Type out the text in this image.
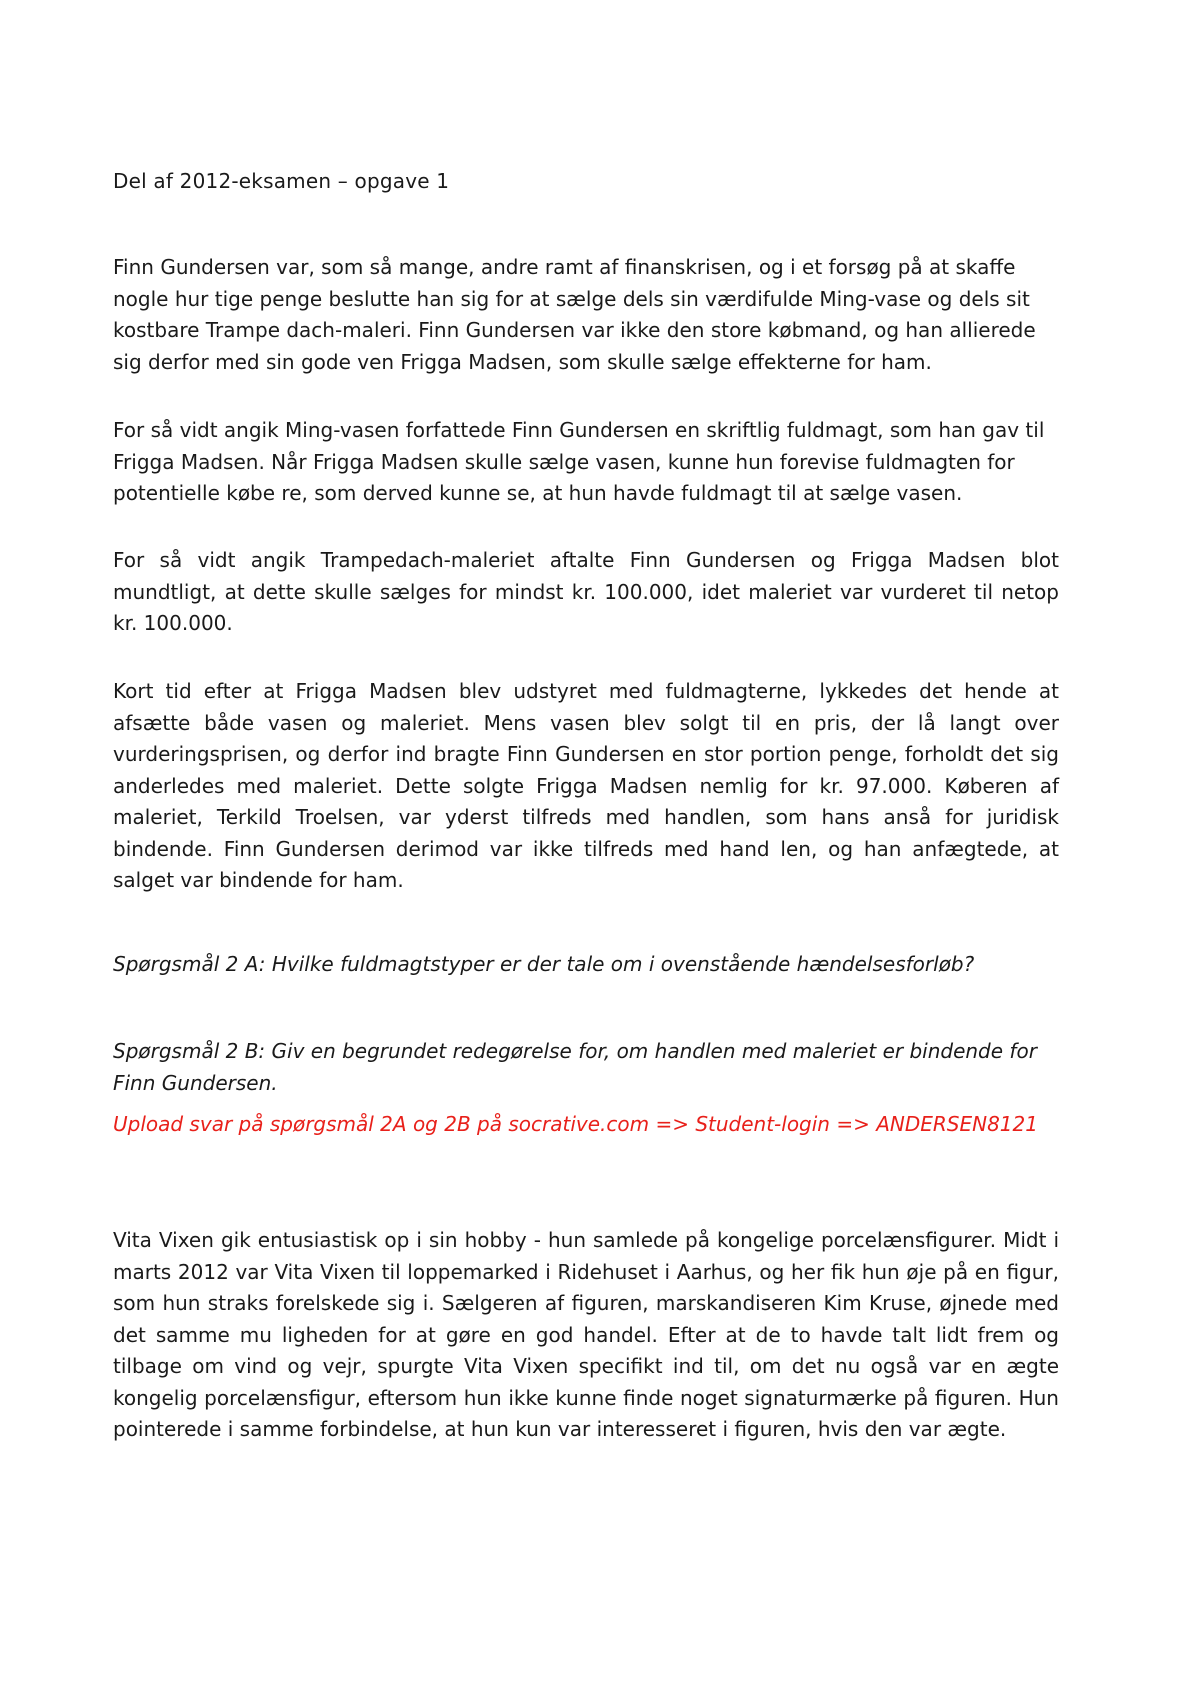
Del af 2012-eksamen – opgave 1

Finn Gundersen var, som så mange, andre ramt af finanskrisen, og i et forsøg på at skaffe nogle hur tige penge beslutte han sig for at sælge dels sin værdifulde Ming-vase og dels sit kostbare Trampe dach-maleri. Finn Gundersen var ikke den store købmand, og han allierede sig derfor med sin gode ven Frigga Madsen, som skulle sælge effekterne for ham.

For så vidt angik Ming-vasen forfattede Finn Gundersen en skriftlig fuldmagt, som han gav til Frigga Madsen. Når Frigga Madsen skulle sælge vasen, kunne hun forevise fuldmagten for potentielle købe re, som derved kunne se, at hun havde fuldmagt til at sælge vasen.

For så vidt angik Trampedach-maleriet aftalte Finn Gundersen og Frigga Madsen blot mundtligt, at dette skulle sælges for mindst kr. 100.000, idet maleriet var vurderet til netop kr. 100.000.

Kort tid efter at Frigga Madsen blev udstyret med fuldmagterne, lykkedes det hende at afsætte både vasen og maleriet. Mens vasen blev solgt til en pris, der lå langt over vurderingsprisen, og derfor ind bragte Finn Gundersen en stor portion penge, forholdt det sig anderledes med maleriet. Dette solgte Frigga Madsen nemlig for kr. 97.000. Køberen af maleriet, Terkild Troelsen, var yderst tilfreds med handlen, som hans anså for juridisk bindende. Finn Gundersen derimod var ikke tilfreds med hand len, og han anfægtede, at salget var bindende for ham.

Spørgsmål 2 A: Hvilke fuldmagtstyper er der tale om i ovenstående hændelsesforløb?

Spørgsmål 2 B: Giv en begrundet redegørelse for, om handlen med maleriet er bindende for Finn Gundersen.

Upload svar på spørgsmål 2A og 2B på socrative.com => Student-login => ANDERSEN8121

Vita Vixen gik entusiastisk op i sin hobby - hun samlede på kongelige porcelænsfigurer. Midt i marts 2012 var Vita Vixen til loppemarked i Ridehuset i Aarhus, og her fik hun øje på en figur, som hun straks forelskede sig i. Sælgeren af figuren, marskandiseren Kim Kruse, øjnede med det samme mu ligheden for at gøre en god handel. Efter at de to havde talt lidt frem og tilbage om vind og vejr, spurgte Vita Vixen specifikt ind til, om det nu også var en ægte kongelig porcelænsfigur, eftersom hun ikke kunne finde noget signaturmærke på figuren. Hun pointerede i samme forbindelse, at hun kun var interesseret i figuren, hvis den var ægte.
